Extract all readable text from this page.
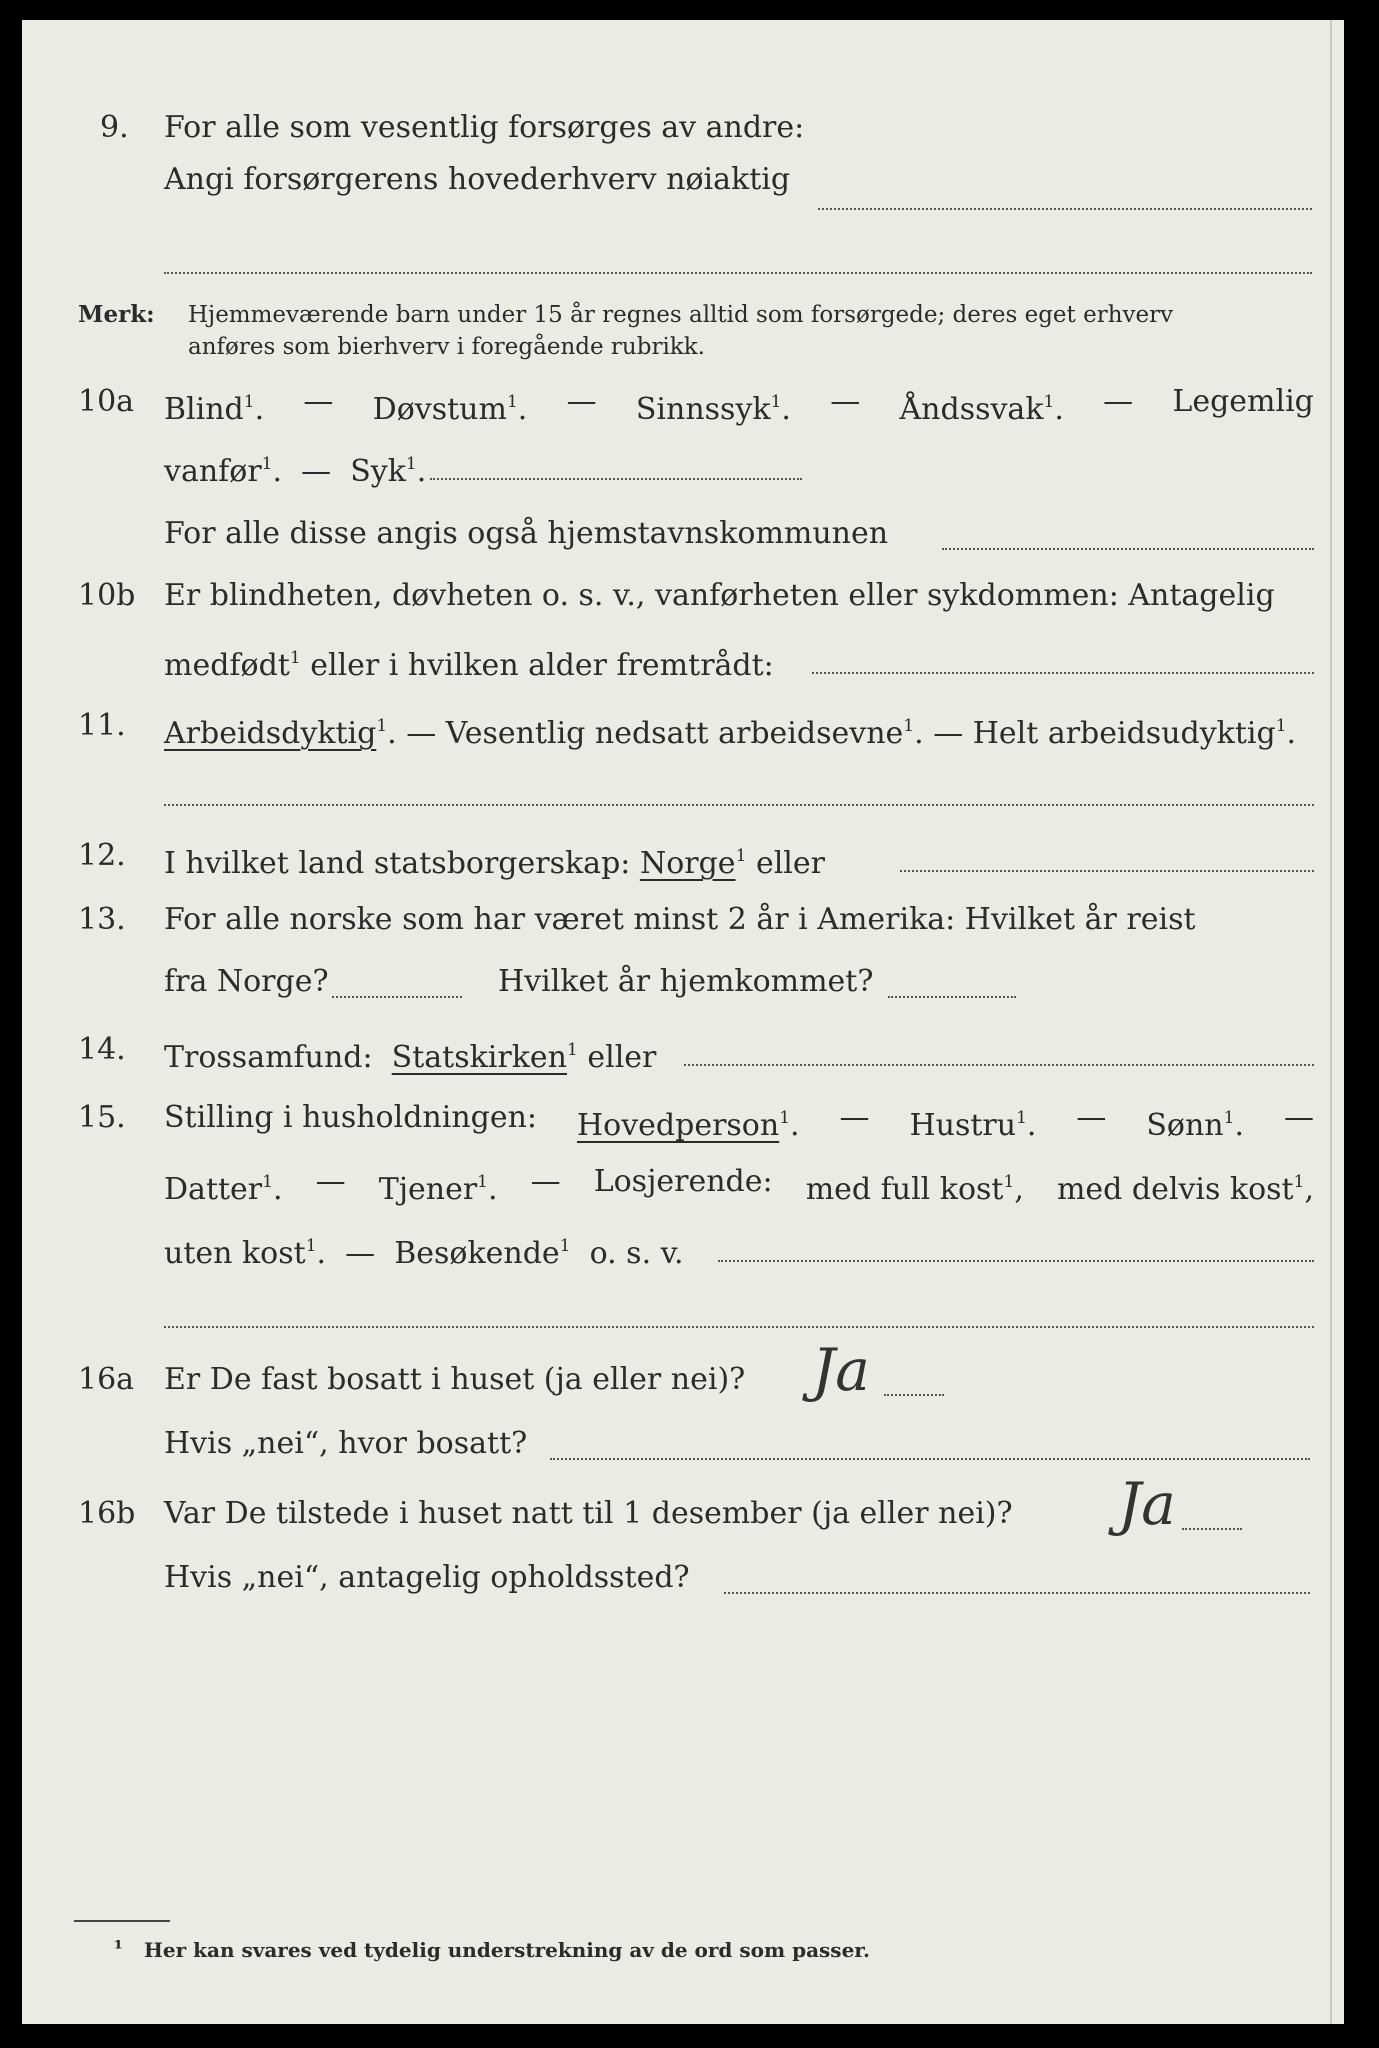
9. For alle som vesentlig forsørges av andre:
Angi forsørgerens hovederhverv nøiaktig
Merk: Hjemmeværende barn under 15 år regnes alltid som forsørgede; deres eget erhverv
anføres som bierhverv i foregående rubrikk.
10a Blind$^1$. — Døvstum$^1$. — Sinnssyk$^1$. — Åndssvak$^1$. — Legemlig
vanfør$^1$. — Syk$^1$.
For alle disse angis også hjemstavnskommunen
10b Er blindheten, døvheten o. s. v., vanførheten eller sykdommen: Antagelig
medfødt$^1$ eller i hvilken alder fremtrådt:
11. Arbeidsdyktig$^1$. — Vesentlig nedsatt arbeidsevne$^1$. — Helt arbeidsudyktig$^1$.
12. I hvilket land statsborgerskap: Norge$^1$ eller
13. For alle norske som har været minst 2 år i Amerika: Hvilket år reist
fra Norge?	Hvilket år hjemkommet?
14. Trossamfund: Statskirken$^1$ eller
15. Stilling i husholdningen: Hovedperson$^1$. — Hustru$^1$. — Sønn$^1$. —
Datter$^1$. — Tjener$^1$. — Losjerende: med full kost$^1$, med delvis kost$^1$,
uten kost$^1$.  — Besøkende$^1$ o. s. v.
16a Er De fast bosatt i huset (ja eller nei)? Ja
Hvis „nei“, hvor bosatt?
16b Var De tilstede i huset natt til 1 desember (ja eller nei)? Ja
Hvis „nei“, antagelig opholdssted?
¹ Her kan svares ved tydelig understrekning av de ord som passer.
